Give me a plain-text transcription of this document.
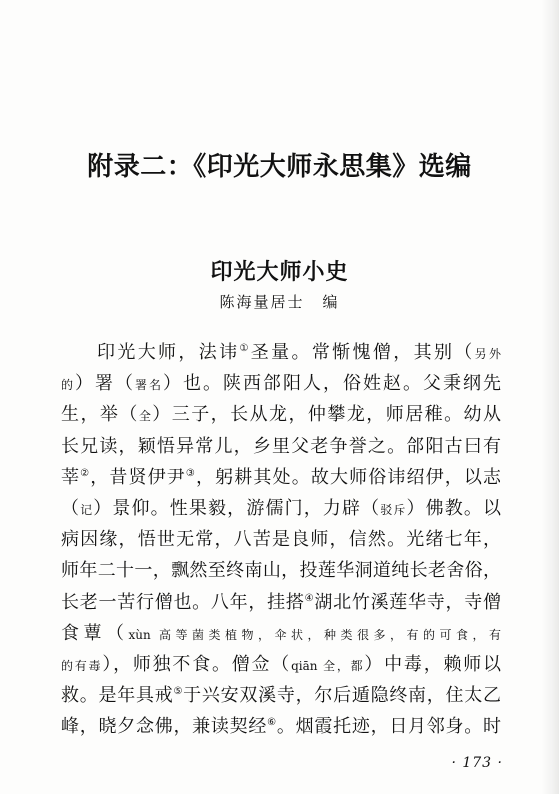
附录二：《印光大师永思集》选编
印光大师小史
陈海量居士 编
印光大师，法讳①圣量。常惭愧僧，其别（另外
的）署（署名）也。陕西郃阳人，俗姓赵。父秉纲先
生，举（全）三子，长从龙，仲攀龙，师居稚。幼从
长兄读，颖悟异常儿，乡里父老争誉之。郃阳古曰有
莘②，昔贤伊尹③，躬耕其处。故大师俗讳绍伊，以志
（记）景仰。性果毅，游儒门，力辟（驳斥）佛教。以
病因缘，悟世无常，八苦是良师，信然。光绪七年，
师年二十一，飘然至终南山，投莲华洞道纯长老舍俗，
长老一苦行僧也。八年，挂搭④湖北竹溪莲华寺，寺僧
食蕈（xùn 高等菌类植物，伞状，种类很多，有的可食，有
的有毒），师独不食。僧佥（qiān 全，都）中毒，赖师以
救。是年具戒⑤于兴安双溪寺，尔后遁隐终南，住太乙
峰，晓夕念佛，兼读契经⑥。烟霞托迹，日月邻身。时
· 173 ·
